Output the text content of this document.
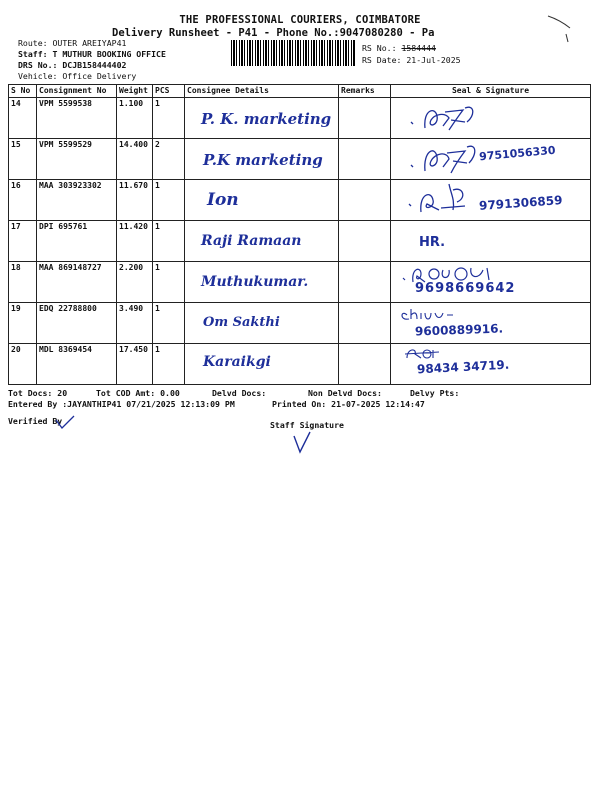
THE PROFESSIONAL COURIERS, COIMBATORE
Delivery Runsheet - P41 - Phone No.:9047080280 - Pa
Route: OUTER AREIYAP41
Staff: T MUTHUR BOOKING OFFICE
DRS No.: DCJB158444402
Vehicle: Office Delivery
RS No.: 1584444
RS Date: 21-Jul-2025
S No	Consignment No	Weight	PCS	Consignee Details	Remarks	Seal & Signature
14	VPM 5599538	1.100	1	P. K. marketing

15	VPM 5599529	14.400	2	P.K marketing		9751056330

16	MAA 303923302	11.670	1	Ion		9791306859

17	DPI 695761	11.420	1	Raji Ramaan		HR.

18	MAA 869148727	2.200	1	Muthukumar.		9698669642

19	EDQ 22788800	3.490	1	Om Sakthi		9600889916.

20	MDL 8369454	17.450	1	Karaikgi		98434 34719.
Tot Docs: 20	Tot COD Amt: 0.00	Delvd Docs:	Non Delvd Docs:	Delvy Pts:
Entered By :JAYANTHIP41 07/21/2025 12:13:09 PM	Printed On: 21-07-2025 12:14:47
Verified By	Staff Signature
